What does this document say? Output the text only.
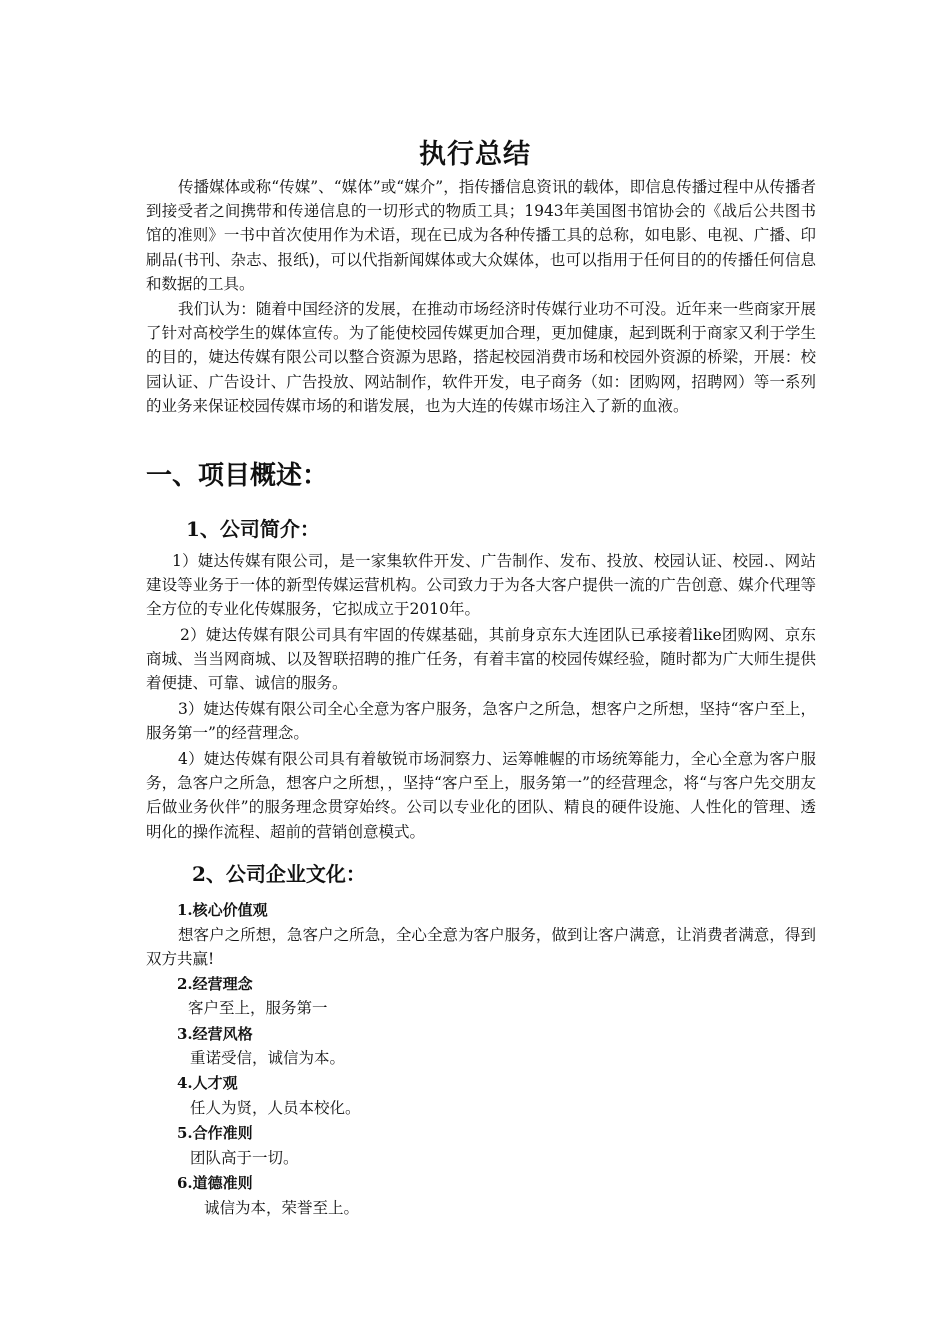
执行总结
传播媒体或称“传媒”、“媒体”或“媒介”，指传播信息资讯的载体，即信息传播过程中从传播者到接受者之间携带和传递信息的一切形式的物质工具；1943年美国图书馆协会的《战后公共图书馆的准则》一书中首次使用作为术语，现在已成为各种传播工具的总称，如电影、电视、广播、印刷品(书刊、杂志、报纸)，可以代指新闻媒体或大众媒体，也可以指用于任何目的的传播任何信息和数据的工具。
我们认为：随着中国经济的发展，在推动市场经济时传媒行业功不可没。近年来一些商家开展了针对高校学生的媒体宣传。为了能使校园传媒更加合理，更加健康，起到既利于商家又利于学生的目的，婕达传媒有限公司以整合资源为思路，搭起校园消费市场和校园外资源的桥梁，开展：校园认证、广告设计、广告投放、网站制作，软件开发，电子商务（如：团购网，招聘网）等一系列的业务来保证校园传媒市场的和谐发展，也为大连的传媒市场注入了新的血液。
一、项目概述：
1、公司简介：
1）婕达传媒有限公司，是一家集软件开发、广告制作、发布、投放、校园认证、校园.、网站建设等业务于一体的新型传媒运营机构。公司致力于为各大客户提供一流的广告创意、媒介代理等全方位的专业化传媒服务，它拟成立于2010年。
2）婕达传媒有限公司具有牢固的传媒基础，其前身京东大连团队已承接着like团购网、京东商城、当当网商城、以及智联招聘的推广任务，有着丰富的校园传媒经验，随时都为广大师生提供着便捷、可靠、诚信的服务。
3）婕达传媒有限公司全心全意为客户服务，急客户之所急，想客户之所想，坚持“客户至上，服务第一”的经营理念。
4）婕达传媒有限公司具有着敏锐市场洞察力、运筹帷幄的市场统筹能力，全心全意为客户服务，急客户之所急，想客户之所想，，坚持“客户至上，服务第一”的经营理念，将“与客户先交朋友后做业务伙伴”的服务理念贯穿始终。公司以专业化的团队、精良的硬件设施、人性化的管理、透明化的操作流程、超前的营销创意模式。
2、公司企业文化：
1.核心价值观
想客户之所想，急客户之所急，全心全意为客户服务，做到让客户满意，让消费者满意，得到双方共赢!
2.经营理念
客户至上，服务第一
3.经营风格
重诺受信，诚信为本。
4.人才观
任人为贤，人员本校化。
5.合作准则
团队高于一切。
6.道德准则
诚信为本，荣誉至上。
